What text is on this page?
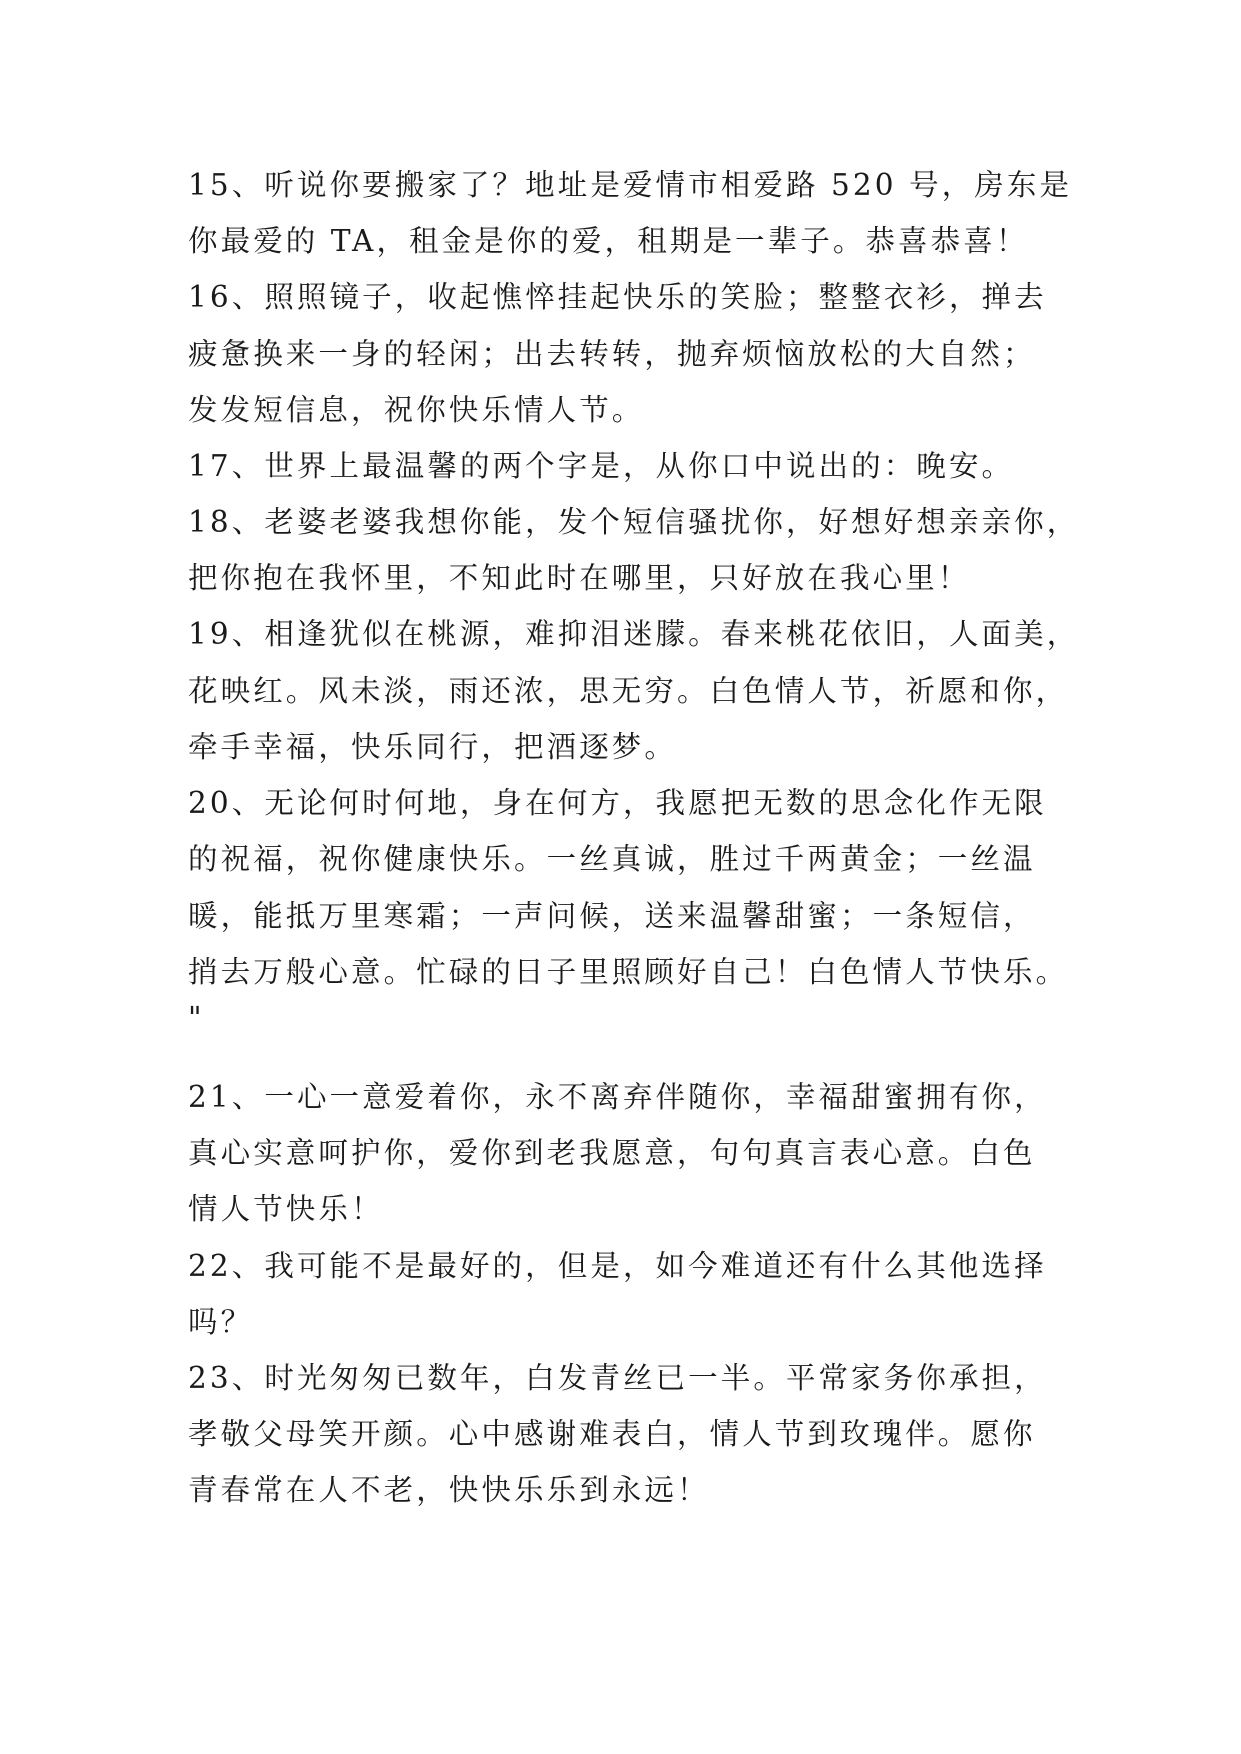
15、听说你要搬家了？地址是爱情市相爱路 520 号，房东是
你最爱的 TA，租金是你的爱，租期是一辈子。恭喜恭喜！
16、照照镜子，收起憔悴挂起快乐的笑脸；整整衣衫，掸去
疲惫换来一身的轻闲；出去转转，抛弃烦恼放松的大自然；
发发短信息，祝你快乐情人节。
17、世界上最温馨的两个字是，从你口中说出的：晚安。
18、老婆老婆我想你能，发个短信骚扰你，好想好想亲亲你，
把你抱在我怀里，不知此时在哪里，只好放在我心里！
19、相逢犹似在桃源，难抑泪迷朦。春来桃花依旧，人面美，
花映红。风未淡，雨还浓，思无穷。白色情人节，祈愿和你，
牵手幸福，快乐同行，把酒逐梦。
20、无论何时何地，身在何方，我愿把无数的思念化作无限
的祝福，祝你健康快乐。一丝真诚，胜过千两黄金；一丝温
暖，能抵万里寒霜；一声问候，送来温馨甜蜜；一条短信，
捎去万般心意。忙碌的日子里照顾好自己！白色情人节快乐。
"
21、一心一意爱着你，永不离弃伴随你，幸福甜蜜拥有你，
真心实意呵护你，爱你到老我愿意，句句真言表心意。白色
情人节快乐！
22、我可能不是最好的，但是，如今难道还有什么其他选择
吗？
23、时光匆匆已数年，白发青丝已一半。平常家务你承担，
孝敬父母笑开颜。心中感谢难表白，情人节到玫瑰伴。愿你
青春常在人不老，快快乐乐到永远！
